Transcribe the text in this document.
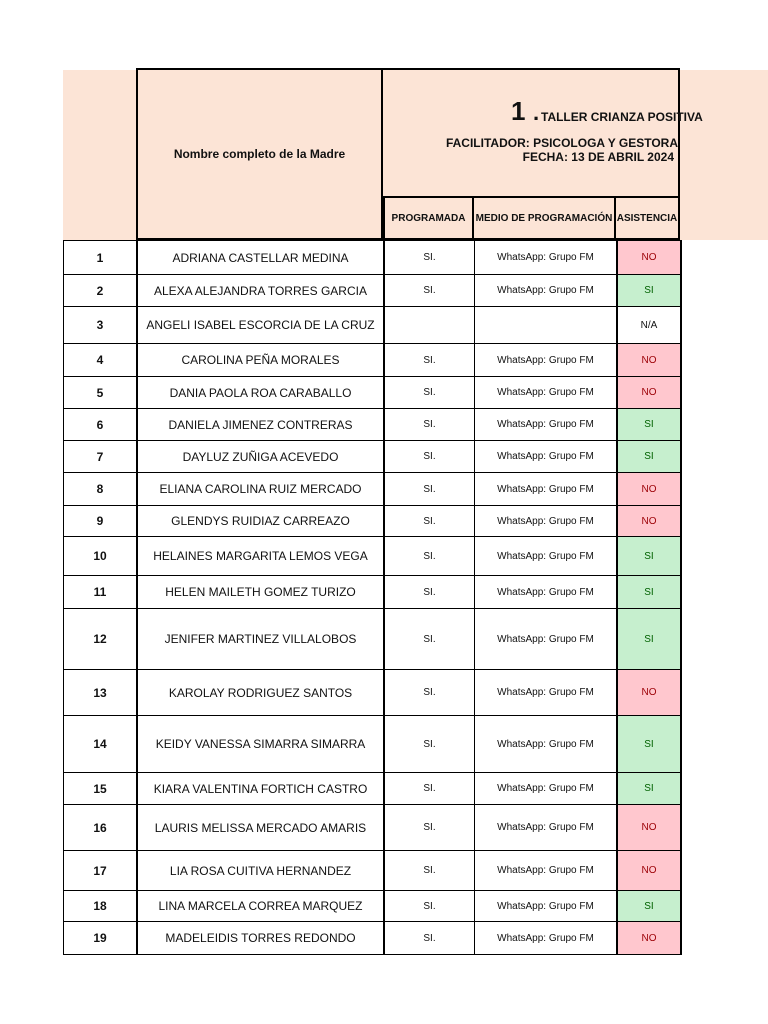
Nombre completo de la Madre
1 . TALLER CRIANZA POSITIVA
FACILITADOR: PSICOLOGA Y GESTORA
FECHA: 13 DE ABRIL 2024
PROGRAMADA MEDIO DE PROGRAMACIÓN ASISTENCIA
1	ADRIANA CASTELLAR MEDINA	SI.	WhatsApp: Grupo FM	NO
2	ALEXA ALEJANDRA TORRES GARCIA	SI.	WhatsApp: Grupo FM	SI
3	ANGELI ISABEL ESCORCIA DE LA CRUZ			N/A
4	CAROLINA PEÑA MORALES	SI.	WhatsApp: Grupo FM	NO
5	DANIA PAOLA ROA CARABALLO	SI.	WhatsApp: Grupo FM	NO
6	DANIELA JIMENEZ CONTRERAS	SI.	WhatsApp: Grupo FM	SI
7	DAYLUZ ZUÑIGA ACEVEDO	SI.	WhatsApp: Grupo FM	SI
8	ELIANA CAROLINA RUIZ MERCADO	SI.	WhatsApp: Grupo FM	NO
9	GLENDYS RUIDIAZ CARREAZO	SI.	WhatsApp: Grupo FM	NO
10	HELAINES MARGARITA LEMOS VEGA	SI.	WhatsApp: Grupo FM	SI
11	HELEN MAILETH GOMEZ TURIZO	SI.	WhatsApp: Grupo FM	SI
12	JENIFER MARTINEZ VILLALOBOS	SI.	WhatsApp: Grupo FM	SI
13	KAROLAY RODRIGUEZ SANTOS	SI.	WhatsApp: Grupo FM	NO
14	KEIDY VANESSA SIMARRA SIMARRA	SI.	WhatsApp: Grupo FM	SI
15	KIARA VALENTINA FORTICH CASTRO	SI.	WhatsApp: Grupo FM	SI
16	LAURIS MELISSA MERCADO AMARIS	SI.	WhatsApp: Grupo FM	NO
17	LIA ROSA CUITIVA HERNANDEZ	SI.	WhatsApp: Grupo FM	NO
18	LINA MARCELA CORREA MARQUEZ	SI.	WhatsApp: Grupo FM	SI
19	MADELEIDIS TORRES REDONDO	SI.	WhatsApp: Grupo FM	NO
